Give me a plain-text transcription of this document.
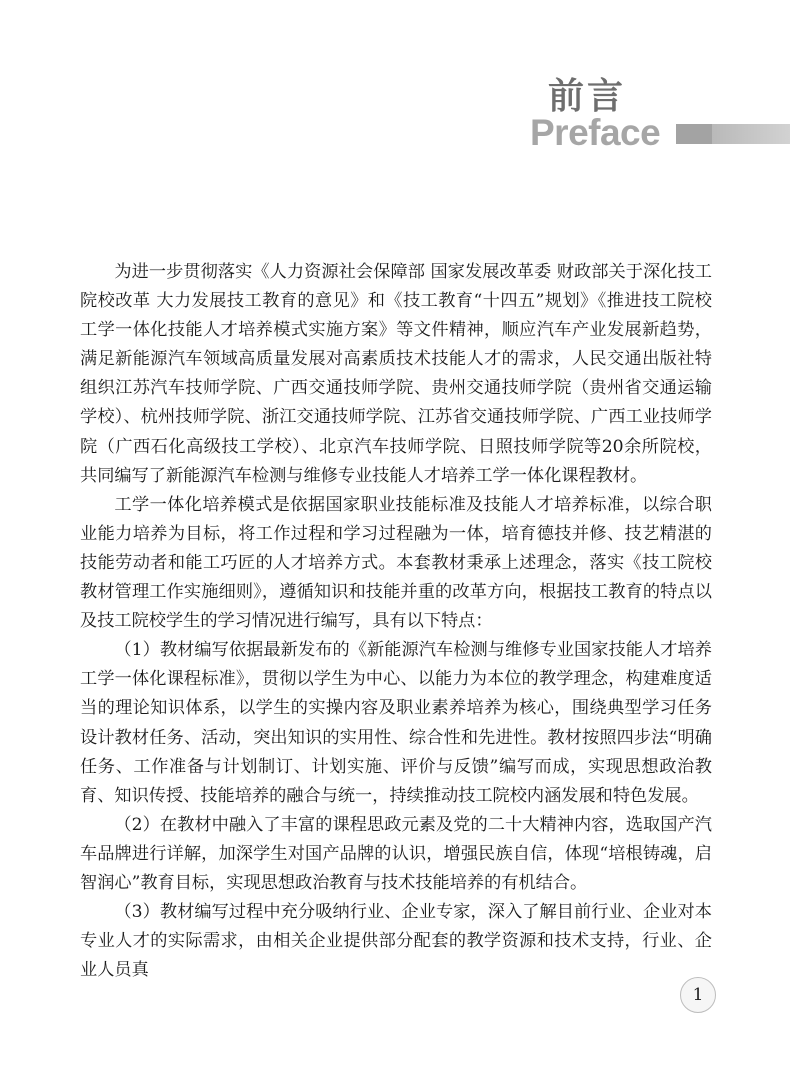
前言
Preface

为进一步贯彻落实《人力资源社会保障部 国家发展改革委 财政部关于深化技工院校改革 大力发展技工教育的意见》和《技工教育“十四五”规划》《推进技工院校工学一体化技能人才培养模式实施方案》等文件精神，顺应汽车产业发展新趋势，满足新能源汽车领域高质量发展对高素质技术技能人才的需求，人民交通出版社特组织江苏汽车技师学院、广西交通技师学院、贵州交通技师学院（贵州省交通运输学校）、杭州技师学院、浙江交通技师学院、江苏省交通技师学院、广西工业技师学院（广西石化高级技工学校）、北京汽车技师学院、日照技师学院等20余所院校，共同编写了新能源汽车检测与维修专业技能人才培养工学一体化课程教材。

工学一体化培养模式是依据国家职业技能标准及技能人才培养标准，以综合职业能力培养为目标，将工作过程和学习过程融为一体，培育德技并修、技艺精湛的技能劳动者和能工巧匠的人才培养方式。本套教材秉承上述理念，落实《技工院校教材管理工作实施细则》，遵循知识和技能并重的改革方向，根据技工教育的特点以及技工院校学生的学习情况进行编写，具有以下特点：

（1）教材编写依据最新发布的《新能源汽车检测与维修专业国家技能人才培养工学一体化课程标准》，贯彻以学生为中心、以能力为本位的教学理念，构建难度适当的理论知识体系，以学生的实操内容及职业素养培养为核心，围绕典型学习任务设计教材任务、活动，突出知识的实用性、综合性和先进性。教材按照四步法“明确任务、工作准备与计划制订、计划实施、评价与反馈”编写而成，实现思想政治教育、知识传授、技能培养的融合与统一，持续推动技工院校内涵发展和特色发展。

（2）在教材中融入了丰富的课程思政元素及党的二十大精神内容，选取国产汽车品牌进行详解，加深学生对国产品牌的认识，增强民族自信，体现“培根铸魂，启智润心”教育目标，实现思想政治教育与技术技能培养的有机结合。

（3）教材编写过程中充分吸纳行业、企业专家，深入了解目前行业、企业对本专业人才的实际需求，由相关企业提供部分配套的教学资源和技术支持，行业、企业人员真

1
